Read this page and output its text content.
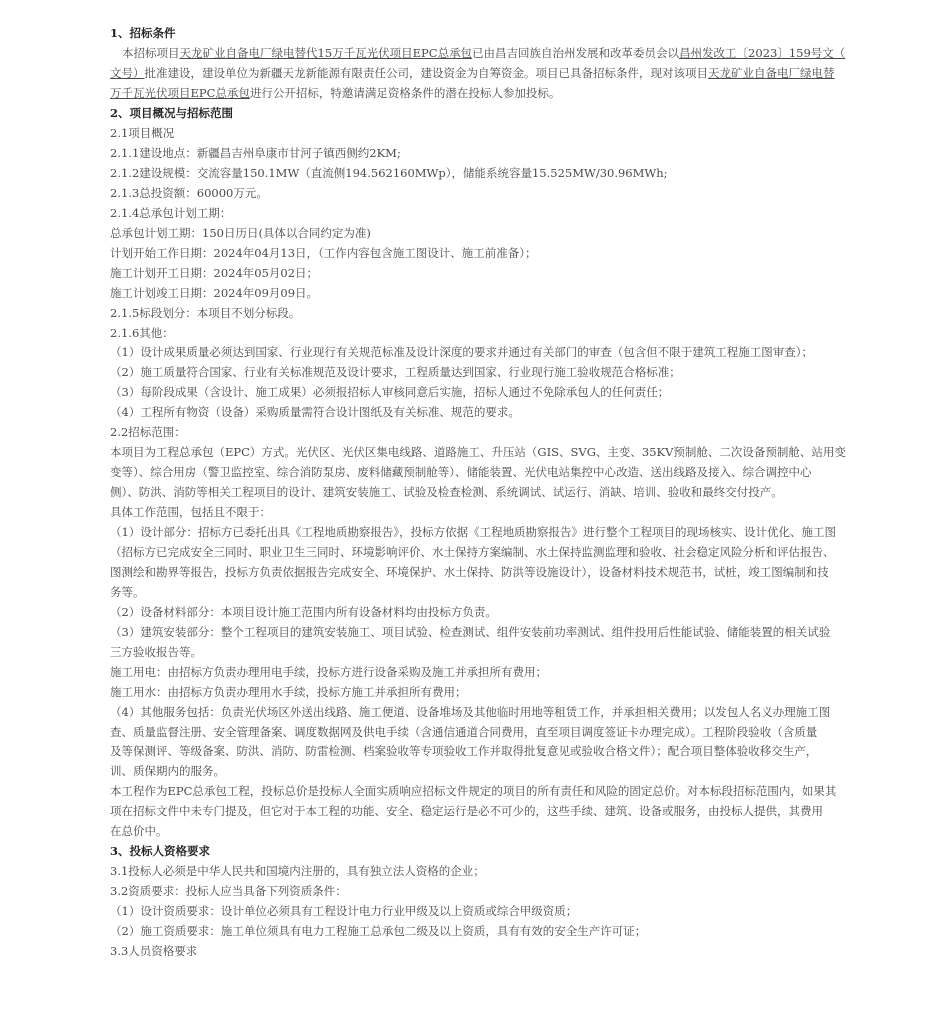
1、招标条件
本招标项目天龙矿业自备电厂绿电替代15万千瓦光伏项目EPC总承包已由昌吉回族自治州发展和改革委员会以昌州发改工〔2023〕159号文（
文号）批准建设，建设单位为新疆天龙新能源有限责任公司，建设资金为自筹资金。项目已具备招标条件，现对该项目天龙矿业自备电厂绿电替
万千瓦光伏项目EPC总承包进行公开招标，特邀请满足资格条件的潜在投标人参加投标。
2、项目概况与招标范围
2.1项目概况
2.1.1建设地点：新疆昌吉州阜康市甘河子镇西侧约2KM;
2.1.2建设规模：交流容量150.1MW（直流侧194.562160MWp），储能系统容量15.525MW/30.96MWh;
2.1.3总投资额：60000万元。
2.1.4总承包计划工期：
总承包计划工期：150日历日(具体以合同约定为准)
计划开始工作日期：2024年04月13日，（工作内容包含施工图设计、施工前准备）；
施工计划开工日期：2024年05月02日；
施工计划竣工日期：2024年09月09日。
2.1.5标段划分：本项目不划分标段。
2.1.6其他：
（1）设计成果质量必须达到国家、行业现行有关规范标准及设计深度的要求并通过有关部门的审查（包含但不限于建筑工程施工图审查）；
（2）施工质量符合国家、行业有关标准规范及设计要求，工程质量达到国家、行业现行施工验收规范合格标准；
（3）每阶段成果（含设计、施工成果）必须报招标人审核同意后实施，招标人通过不免除承包人的任何责任；
（4）工程所有物资（设备）采购质量需符合设计图纸及有关标准、规范的要求。
2.2招标范围：
本项目为工程总承包（EPC）方式。光伏区、光伏区集电线路、道路施工、升压站（GIS、SVG、主变、35KV预制舱、二次设备预制舱、站用变
变等）、综合用房（警卫监控室、综合消防泵房、废料储藏预制舱等）、储能装置、光伏电站集控中心改造、送出线路及接入、综合调控中心
侧）、防洪、消防等相关工程项目的设计、建筑安装施工、试验及检查检测、系统调试、试运行、消缺、培训、验收和最终交付投产。
具体工作范围，包括且不限于：
（1）设计部分：招标方已委托出具《工程地质勘察报告》，投标方依据《工程地质勘察报告》进行整个工程项目的现场核实、设计优化、施工图
（招标方已完成安全三同时、职业卫生三同时、环境影响评价、水土保持方案编制、水土保持监测监理和验收、社会稳定风险分析和评估报告、
图测绘和勘界等报告，投标方负责依据报告完成安全、环境保护、水土保持、防洪等设施设计），设备材料技术规范书，试桩，竣工图编制和技
务等。
（2）设备材料部分：本项目设计施工范围内所有设备材料均由投标方负责。
（3）建筑安装部分：整个工程项目的建筑安装施工、项目试验、检查测试、组件安装前功率测试、组件投用后性能试验、储能装置的相关试验
三方验收报告等。
施工用电：由招标方负责办理用电手续，投标方进行设备采购及施工并承担所有费用；
施工用水：由招标方负责办理用水手续，投标方施工并承担所有费用；
（4）其他服务包括：负责光伏场区外送出线路、施工便道、设备堆场及其他临时用地等租赁工作，并承担相关费用；以发包人名义办理施工图
查、质量监督注册、安全管理备案、调度数据网及供电手续（含通信通道合同费用，直至项目调度签证卡办理完成）。工程阶段验收（含质量
及等保测评、等级备案、防洪、消防、防雷检测、档案验收等专项验收工作并取得批复意见或验收合格文件）；配合项目整体验收移交生产，
训、质保期内的服务。
本工程作为EPC总承包工程，投标总价是投标人全面实质响应招标文件规定的项目的所有责任和风险的固定总价。对本标段招标范围内，如果其
项在招标文件中未专门提及，但它对于本工程的功能、安全、稳定运行是必不可少的，这些手续、建筑、设备或服务，由投标人提供，其费用
在总价中。
3、投标人资格要求
3.1投标人必须是中华人民共和国境内注册的，具有独立法人资格的企业；
3.2资质要求：投标人应当具备下列资质条件：
（1）设计资质要求：设计单位必须具有工程设计电力行业甲级及以上资质或综合甲级资质；
（2）施工资质要求：施工单位须具有电力工程施工总承包二级及以上资质，具有有效的安全生产许可证；
3.3人员资格要求
